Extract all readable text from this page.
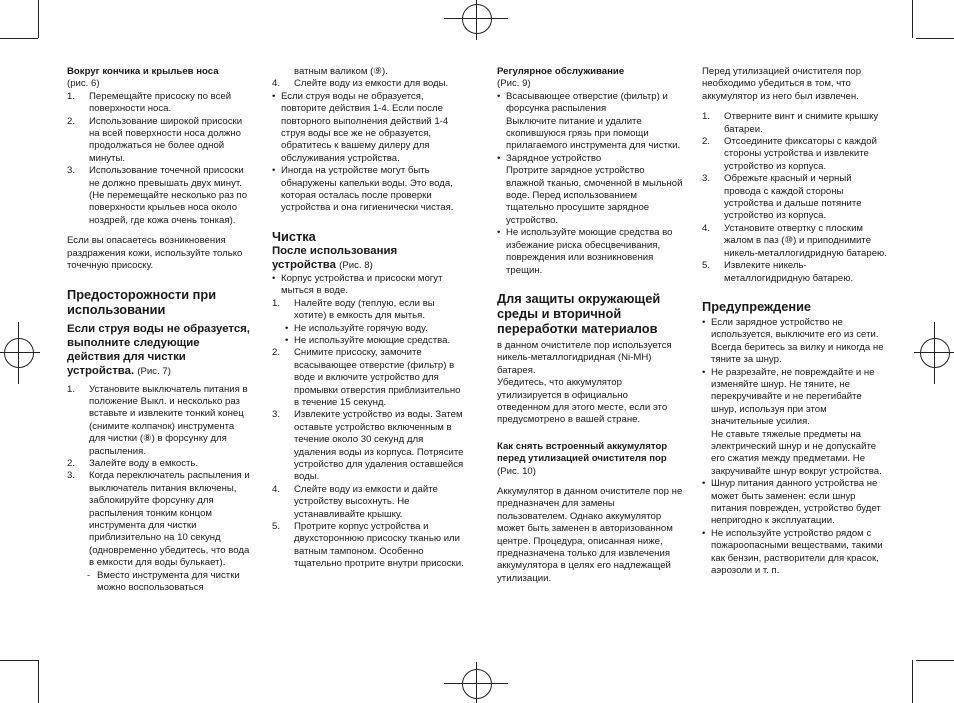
Вокруг кончика и крыльев носа

(рис. 6)

1. Перемещайте присоску по всей поверхности носа.
2. Использование широкой присоски на всей поверхности носа должно продолжаться не более одной минуты.
3. Использование точечной присоски не должно превышать двух минут. (Не перемещайте несколько раз по поверхности крыльев носа около ноздрей, где кожа очень тонкая).

Если вы опасаетесь возникновения раздражения кожи, используйте только точечную присоску.

Предосторожности при использовании

Если струя воды не образуется, выполните следующие действия для чистки устройства. (Рис. 7)

1. Установите выключатель питания в положение Выкл. и несколько раз вставьте и извлеките тонкий конец (снимите колпачок) инструмента для чистки (⑧) в форсунку для распыления.
2. Залейте воду в емкость.
3. Когда переключатель распыления и выключатель питания включены, заблокируйте форсунку для распыления тонким концом инструмента для чистки приблизительно на 10 секунд (одновременно убедитесь, что вода в емкости для воды булькает).
- Вместо инструмента для чистки можно воспользоваться

ватным валиком (⑨).

4. Слейте воду из емкости для воды.
• Если струя воды не образуется, повторите действия 1-4. Если после повторного выполнения действий 1-4 струя воды все же не образуется, обратитесь к вашему дилеру для обслуживания устройства.
• Иногда на устройстве могут быть обнаружены капельки воды. Это вода, которая осталась после проверки устройства и она гигиенически чистая.

Чистка

После использования устройства (Рис. 8)

• Корпус устройства и присоски могут мыться в воде.
1. Налейте воду (теплую, если вы хотите) в емкость для мытья.
• Не используйте горячую воду.
• Не используйте моющие средства.
2. Снимите присоску, замочите всасывающее отверстие (фильтр) в воде и включите устройство для промывки отверстия приблизительно в течение 15 секунд.
3. Извлеките устройство из воды. Затем оставьте устройство включенным в течение около 30 секунд для удаления воды из корпуса. Потрясите устройство для удаления оставшейся воды.
4. Слейте воду из емкости и дайте устройству высохнуть. Не устанавливайте крышку.
5. Протрите корпус устройства и двухстороннюю присоску тканью или ватным тампоном. Особенно тщательно протрите внутри присоски.

Регулярное обслуживание

(Рис. 9)

• Всасывающее отверстие (фильтр) и форсунка распыления
Выключите питание и удалите скопившуюся грязь при помощи прилагаемого инструмента для чистки.
• Зарядное устройство
Протрите зарядное устройство влажной тканью, смоченной в мыльной воде. Перед использованием тщательно просушите зарядное устройство.
• Не используйте моющие средства во избежание риска обесцвечивания, повреждения или возникновения трещин.

Для защиты окружающей среды и вторичной переработки материалов

в данном очистителе пор используется никель-металлогидридная (Ni-MH) батарея.

Убедитесь, что аккумулятор утилизируется в официально отведенном для этого месте, если это предусмотрено в вашей стране.

Как снять встроенный аккумулятор перед утилизацией очистителя пор (Рис. 10)

Аккумулятор в данном очистителе пор не предназначен для замены пользователем. Однако аккумулятор может быть заменен в авторизованном центре. Процедура, описанная ниже, предназначена только для извлечения аккумулятора в целях его надлежащей утилизации.

Перед утилизацией очистителя пор необходимо убедиться в том, что аккумулятор из него был извлечен.

1. Отверните винт и снимите крышку батареи.
2. Отсоедините фиксаторы с каждой стороны устройства и извлеките устройство из корпуса.
3. Обрежьте красный и черный провода с каждой стороны устройства и дальше потяните устройство из корпуса.
4. Установите отвертку с плоским жалом в паз (⑩) и приподнимите никель-металлогидридную батарею.
5. Извлеките никель-металлогидридную батарею.

Предупреждение

• Если зарядное устройство не используется, выключите его из сети. Всегда беритесь за вилку и никогда не тяните за шнур.
• Не разрезайте, не повреждайте и не изменяйте шнур. Не тяните, не перекручивайте и не перегибайте шнур, используя при этом значительные усилия.
Не ставьте тяжелые предметы на электрический шнур и не допускайте его сжатия между предметами. Не закручивайте шнур вокруг устройства.
• Шнур питания данного устройства не может быть заменен: если шнур питания поврежден, устройство будет непригодно к эксплуатации.
• Не используйте устройство рядом с пожароопасными веществами, такими как бензин, растворители для красок, аэрозоли и т. п.
